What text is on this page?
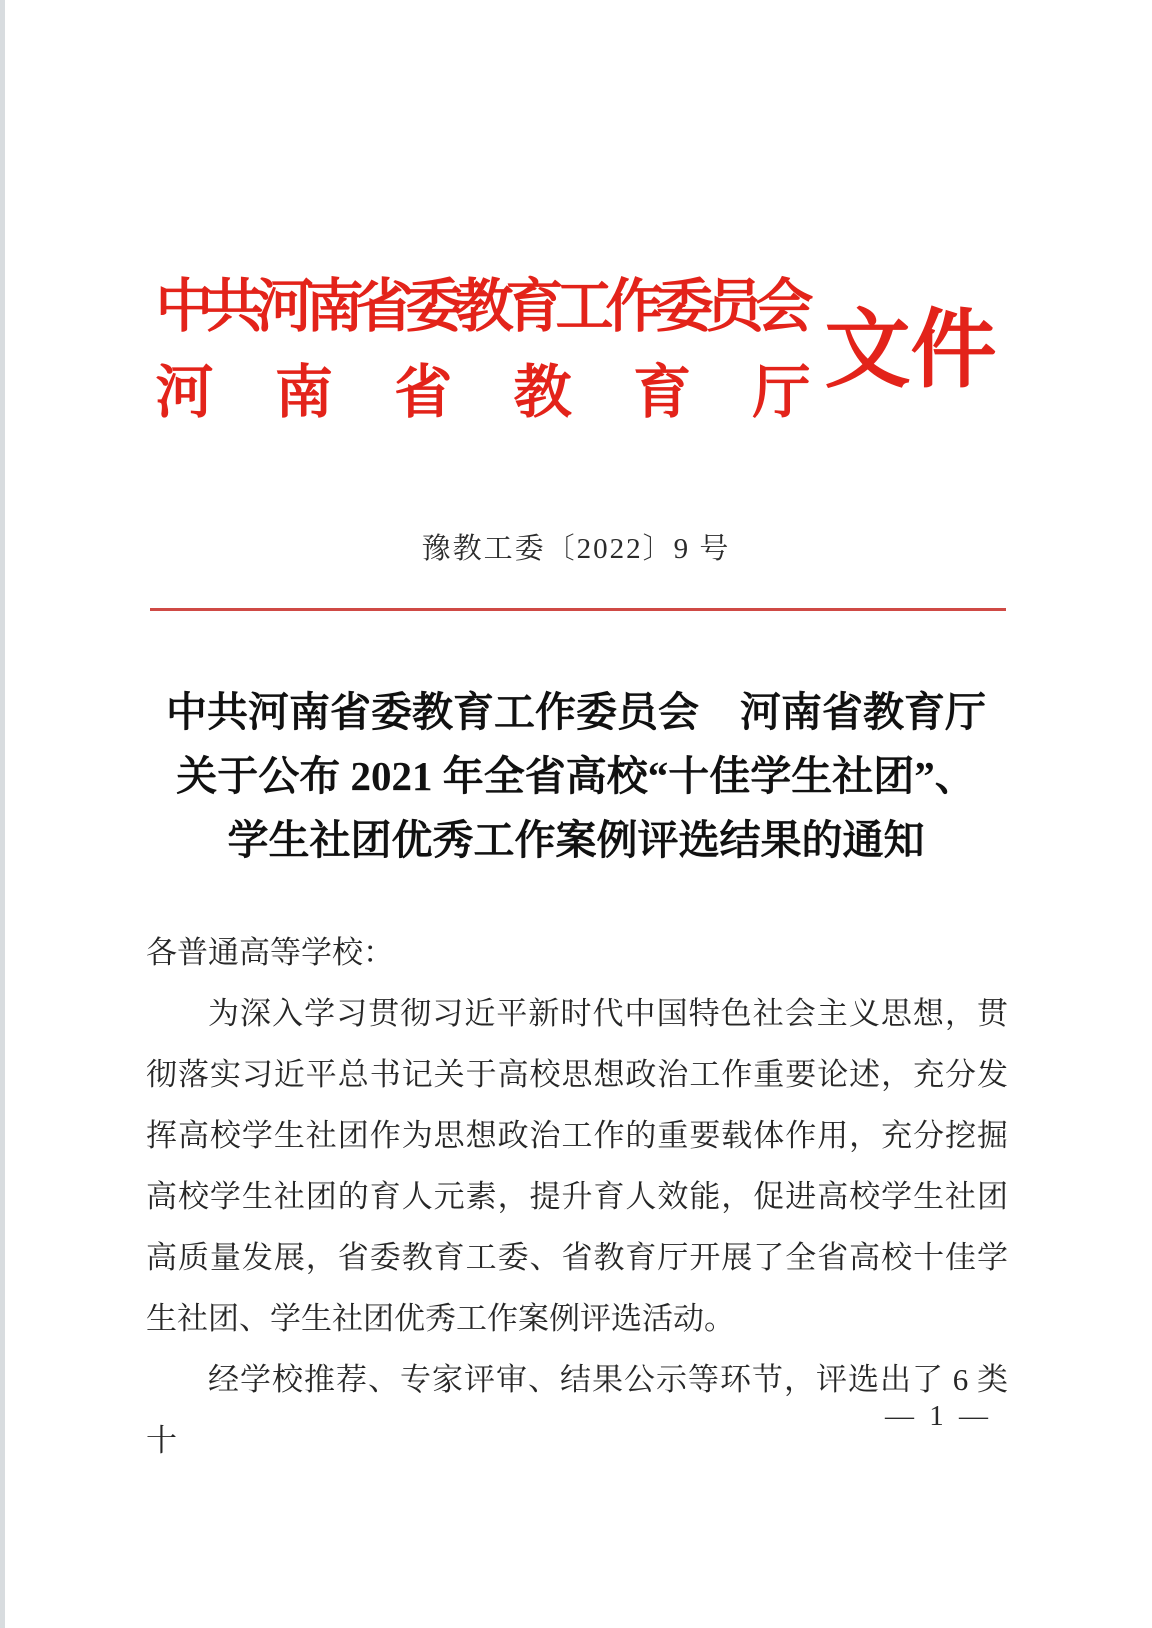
中共河南省委教育工作委员会
河 南 省 教 育 厅 文件
豫教工委〔2022〕9 号
中共河南省委教育工作委员会　河南省教育厅
关于公布 2021 年全省高校“十佳学生社团”、
学生社团优秀工作案例评选结果的通知

各普通高等学校：

为深入学习贯彻习近平新时代中国特色社会主义思想，贯彻落实习近平总书记关于高校思想政治工作重要论述，充分发挥高校学生社团作为思想政治工作的重要载体作用，充分挖掘高校学生社团的育人元素，提升育人效能，促进高校学生社团高质量发展，省委教育工委、省教育厅开展了全省高校十佳学生社团、学生社团优秀工作案例评选活动。

经学校推荐、专家评审、结果公示等环节，评选出了 6 类十

— 1 —
